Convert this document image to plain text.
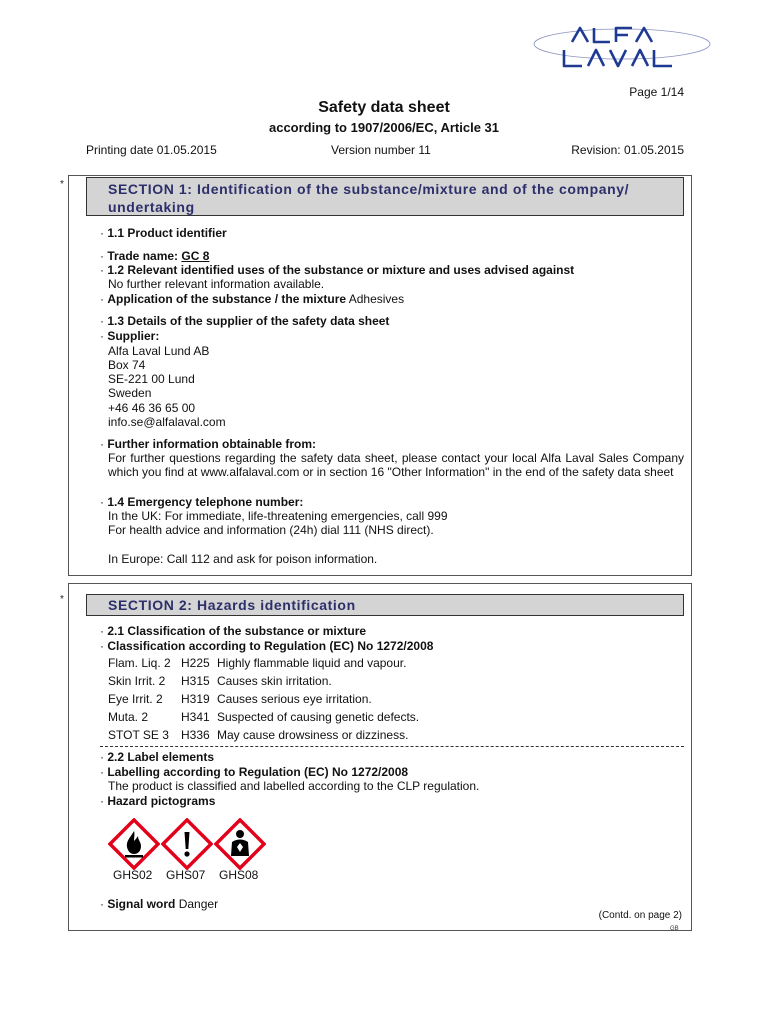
Page 1/14
Safety data sheet
according to 1907/2006/EC, Article 31
Printing date 01.05.2015	Version number 11	Revision: 01.05.2015
*	SECTION 1: Identification of the substance/mixture and of the company/ undertaking
· 1.1 Product identifier
· Trade name: GC 8
· 1.2 Relevant identified uses of the substance or mixture and uses advised against
No further relevant information available.
· Application of the substance / the mixture Adhesives
· 1.3 Details of the supplier of the safety data sheet
· Supplier:
Alfa Laval Lund AB
Box 74
SE-221 00 Lund
Sweden
+46 46 36 65 00
info.se@alfalaval.com
· Further information obtainable from:
For further questions regarding the safety data sheet, please contact your local Alfa Laval Sales Company which you find at www.alfalaval.com or in section 16 "Other Information" in the end of the safety data sheet
· 1.4 Emergency telephone number:
In the UK: For immediate, life-threatening emergencies, call 999
For health advice and information (24h) dial 111 (NHS direct).
In Europe: Call 112 and ask for poison information.
*	SECTION 2: Hazards identification
· 2.1 Classification of the substance or mixture
· Classification according to Regulation (EC) No 1272/2008
Flam. Liq. 2	H225	Highly flammable liquid and vapour.
Skin Irrit. 2	H315	Causes skin irritation.
Eye Irrit. 2	H319	Causes serious eye irritation.
Muta. 2	H341	Suspected of causing genetic defects.
STOT SE 3	H336	May cause drowsiness or dizziness.
· 2.2 Label elements
· Labelling according to Regulation (EC) No 1272/2008
The product is classified and labelled according to the CLP regulation.
· Hazard pictograms
GHS02 GHS07 GHS08
· Signal word Danger
(Contd. on page 2)
GB
